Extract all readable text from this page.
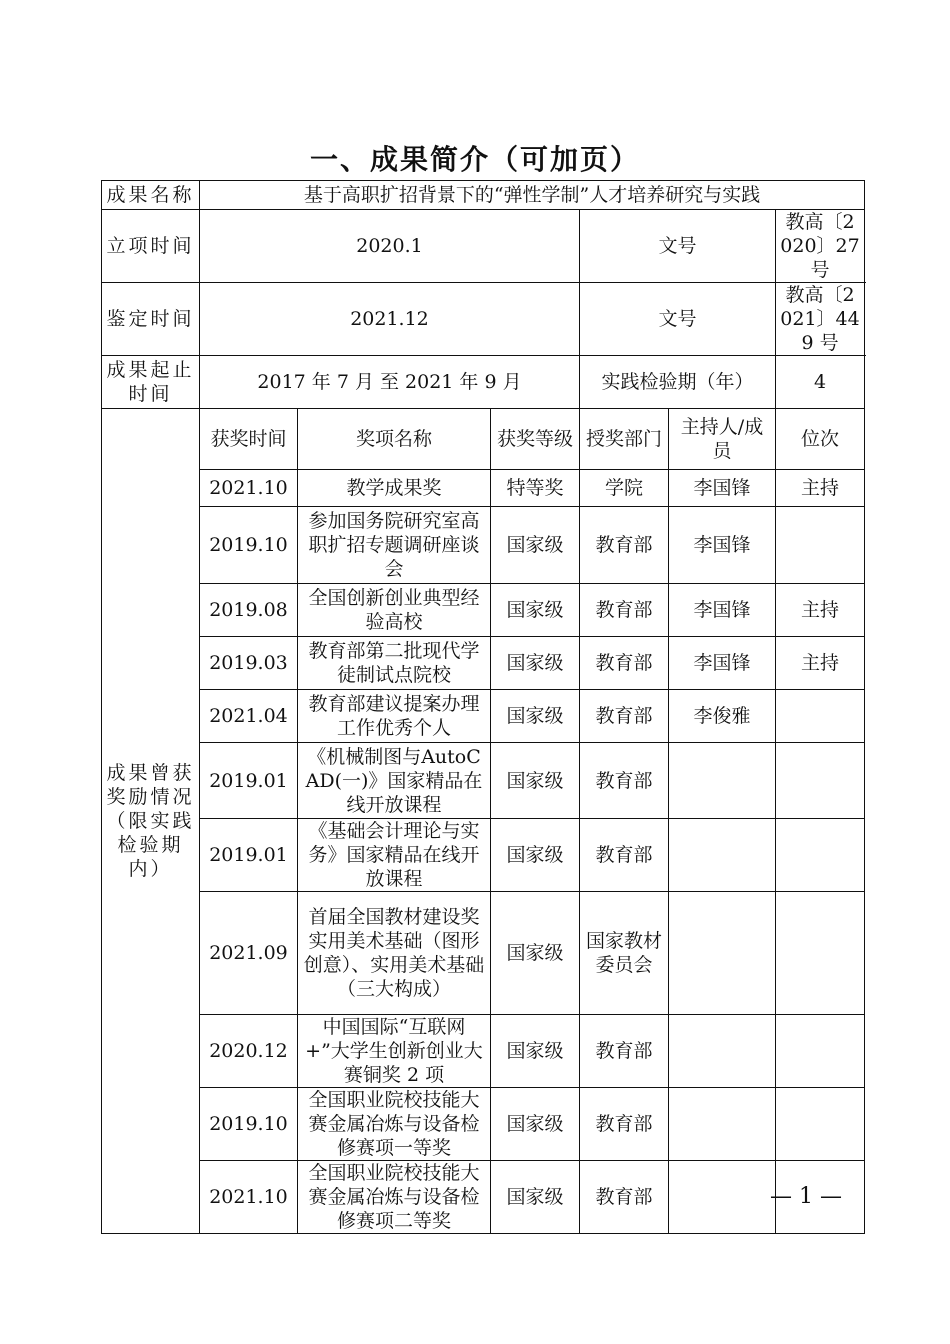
一、成果简介（可加页）
成果名称	基于高职扩招背景下的“弹性学制”人才培养研究与实践					
立项时间	2020.1			文号		教高〔2020〕27 号
鉴定时间	2021.12			文号		教高〔2021〕449 号
成果起止时间	2017 年 7 月 至 2021 年 9 月			实践检验期（年）		4
成果曾获奖励情况（限实践检验期内）	获奖时间	奖项名称	获奖等级	授奖部门	主持人/成员	位次
	2021.10	教学成果奖	特等奖	学院	李国锋	主持
	2019.10	参加国务院研究室高职扩招专题调研座谈会	国家级	教育部	李国锋	
	2019.08	全国创新创业典型经验高校	国家级	教育部	李国锋	主持
	2019.03	教育部第二批现代学徒制试点院校	国家级	教育部	李国锋	主持
	2021.04	教育部建议提案办理工作优秀个人	国家级	教育部	李俊雅	
	2019.01	《机械制图与AutoCAD(一)》国家精品在线开放课程	国家级	教育部		
	2019.01	《基础会计理论与实务》国家精品在线开放课程	国家级	教育部		
	2021.09	首届全国教材建设奖实用美术基础（图形创意）、实用美术基础（三大构成）	国家级	国家教材委员会		
	2020.12	中国国际“互联网+”大学生创新创业大赛铜奖 2 项	国家级	教育部		
	2019.10	全国职业院校技能大赛金属冶炼与设备检修赛项一等奖	国家级	教育部		
	2021.10	全国职业院校技能大赛金属冶炼与设备检修赛项二等奖	国家级	教育部			— 1 —
